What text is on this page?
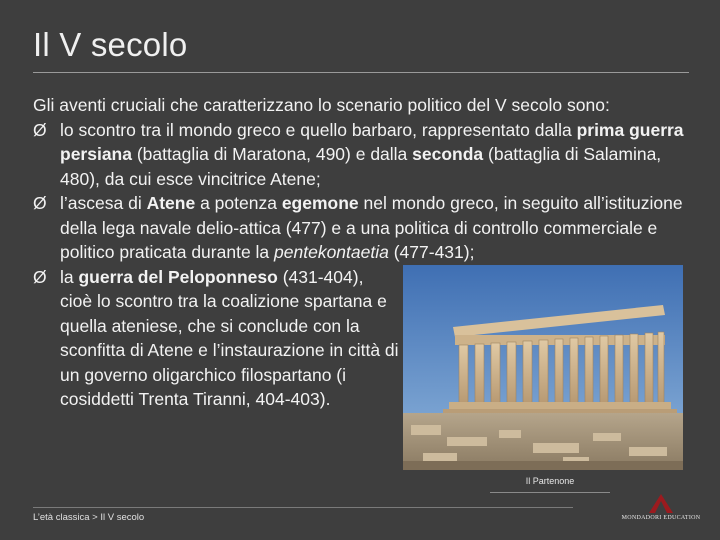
Il V secolo

Gli aventi cruciali che caratterizzano lo scenario politico del V secolo sono:

Ø lo scontro tra il mondo greco e quello barbaro, rappresentato dalla prima guerra persiana (battaglia di Maratona, 490) e dalla seconda (battaglia di Salamina, 480), da cui esce vincitrice Atene;
Ø l’ascesa di Atene a potenza egemone nel mondo greco, in seguito all’istituzione della lega navale delio-attica (477) e a una politica di controllo commerciale e politico praticata durante la pentekontaetia (477-431);
Ø la guerra del Peloponneso (431-404), cioè lo scontro tra la coalizione spartana e quella ateniese, che si conclude con la sconfitta di Atene e l’instaurazione in città di un governo oligarchico filospartano (i cosiddetti Trenta Tiranni, 404-403).
Il Partenone
L’età classica > Il V secolo	MONDADORI EDUCATION
